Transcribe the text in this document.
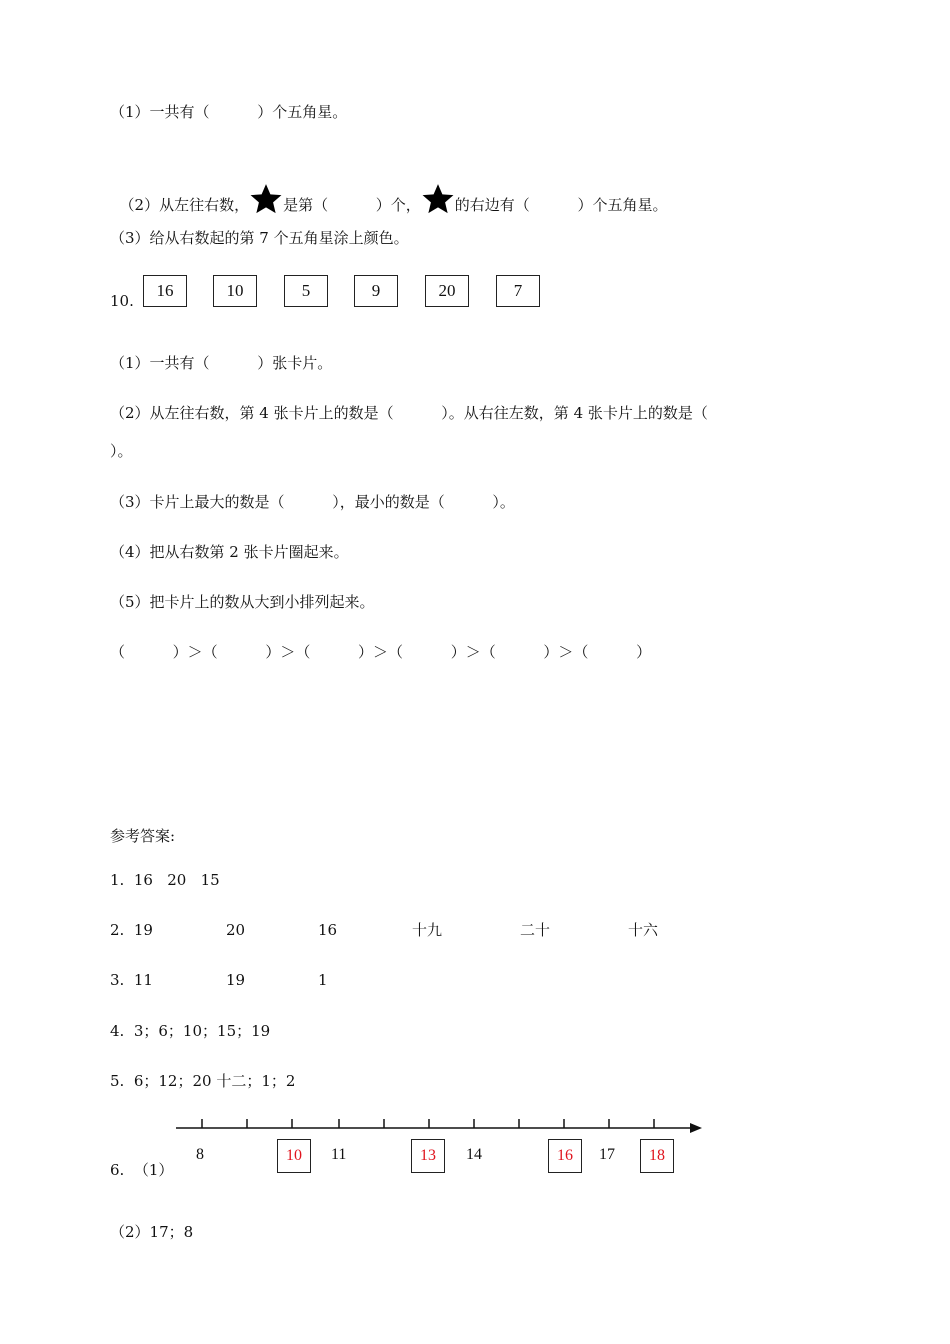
（1）一共有（          ）个五角星。

（2）从左往右数， 是第（          ）个， 的右边有（          ）个五角星。

（3）给从右数起的第 7 个五角星涂上颜色。
10.
16	10	5	9	20	7
（1）一共有（          ）张卡片。
（2）从左往右数，第 4 张卡片上的数是（          ）。从右往左数，第 4 张卡片上的数是（
）。
（3）卡片上最大的数是（          ），最小的数是（          ）。
（4）把从右数第 2 张卡片圈起来。
（5）把卡片上的数从大到小排列起来。
（          ）＞（          ）＞（          ）＞（          ）＞（          ）＞（          ）
参考答案:
1.  16   20   15
2.  19	20	16	十九	二十	十六
3.  11	19	1
4.  3；6；10；15；19
5.  6；12；20 十二；1；2
8	10	11	13	14	16	17	18
6.  （1）
（2）17；8
